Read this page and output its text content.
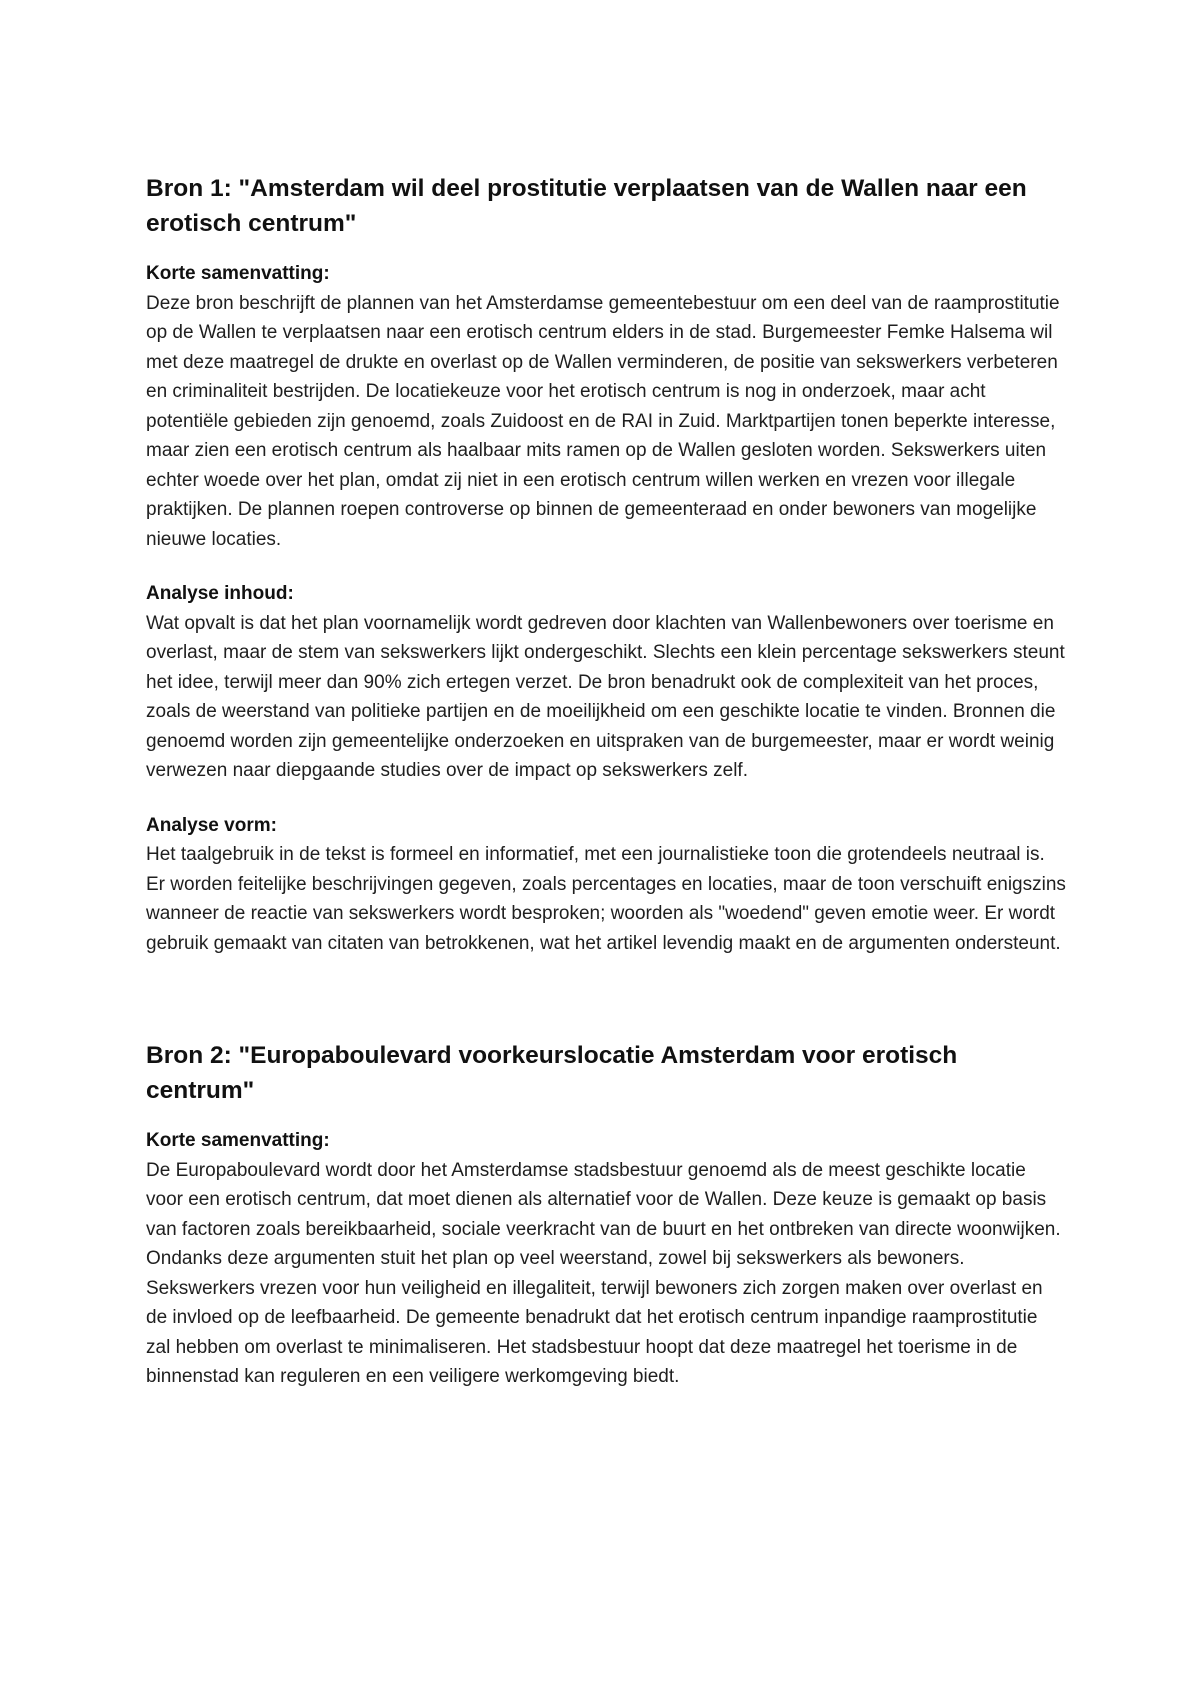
Bron 1: "Amsterdam wil deel prostitutie verplaatsen van de Wallen naar een erotisch centrum"
Korte samenvatting:

Deze bron beschrijft de plannen van het Amsterdamse gemeentebestuur om een deel van de raamprostitutie op de Wallen te verplaatsen naar een erotisch centrum elders in de stad. Burgemeester Femke Halsema wil met deze maatregel de drukte en overlast op de Wallen verminderen, de positie van sekswerkers verbeteren en criminaliteit bestrijden. De locatiekeuze voor het erotisch centrum is nog in onderzoek, maar acht potentiële gebieden zijn genoemd, zoals Zuidoost en de RAI in Zuid. Marktpartijen tonen beperkte interesse, maar zien een erotisch centrum als haalbaar mits ramen op de Wallen gesloten worden. Sekswerkers uiten echter woede over het plan, omdat zij niet in een erotisch centrum willen werken en vrezen voor illegale praktijken. De plannen roepen controverse op binnen de gemeenteraad en onder bewoners van mogelijke nieuwe locaties.

Analyse inhoud:

Wat opvalt is dat het plan voornamelijk wordt gedreven door klachten van Wallenbewoners over toerisme en overlast, maar de stem van sekswerkers lijkt ondergeschikt. Slechts een klein percentage sekswerkers steunt het idee, terwijl meer dan 90% zich ertegen verzet. De bron benadrukt ook de complexiteit van het proces, zoals de weerstand van politieke partijen en de moeilijkheid om een geschikte locatie te vinden. Bronnen die genoemd worden zijn gemeentelijke onderzoeken en uitspraken van de burgemeester, maar er wordt weinig verwezen naar diepgaande studies over de impact op sekswerkers zelf.

Analyse vorm:

Het taalgebruik in de tekst is formeel en informatief, met een journalistieke toon die grotendeels neutraal is. Er worden feitelijke beschrijvingen gegeven, zoals percentages en locaties, maar de toon verschuift enigszins wanneer de reactie van sekswerkers wordt besproken; woorden als "woedend" geven emotie weer. Er wordt gebruik gemaakt van citaten van betrokkenen, wat het artikel levendig maakt en de argumenten ondersteunt.

Bron 2: "Europaboulevard voorkeurslocatie Amsterdam voor erotisch centrum"
Korte samenvatting:

De Europaboulevard wordt door het Amsterdamse stadsbestuur genoemd als de meest geschikte locatie voor een erotisch centrum, dat moet dienen als alternatief voor de Wallen. Deze keuze is gemaakt op basis van factoren zoals bereikbaarheid, sociale veerkracht van de buurt en het ontbreken van directe woonwijken. Ondanks deze argumenten stuit het plan op veel weerstand, zowel bij sekswerkers als bewoners. Sekswerkers vrezen voor hun veiligheid en illegaliteit, terwijl bewoners zich zorgen maken over overlast en de invloed op de leefbaarheid. De gemeente benadrukt dat het erotisch centrum inpandige raamprostitutie zal hebben om overlast te minimaliseren. Het stadsbestuur hoopt dat deze maatregel het toerisme in de binnenstad kan reguleren en een veiligere werkomgeving biedt.
